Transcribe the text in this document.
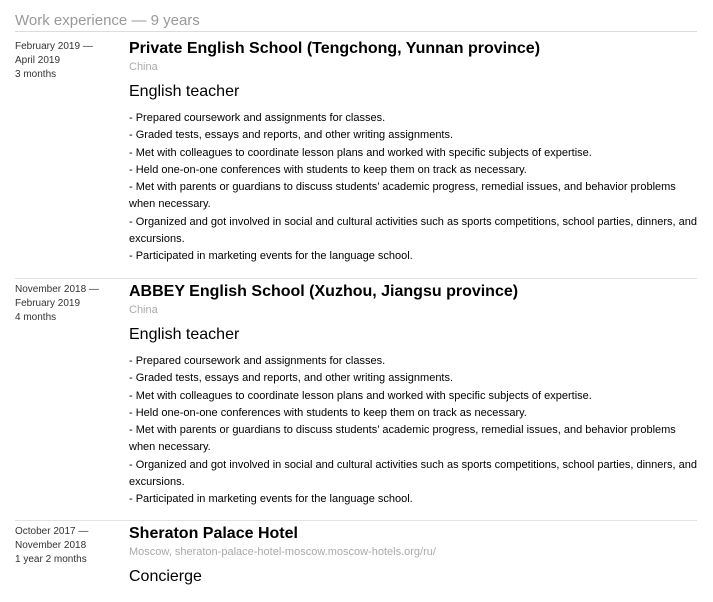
Work experience — 9 years
February 2019 —
April 2019
3 months
Private English School (Tengchong, Yunnan province)
China
English teacher
- Prepared coursework and assignments for classes.
- Graded tests, essays and reports, and other writing assignments.
- Met with colleagues to coordinate lesson plans and worked with specific subjects of expertise.
- Held one-on-one conferences with students to keep them on track as necessary.
- Met with parents or guardians to discuss students’ academic progress, remedial issues, and behavior problems when necessary.
- Organized and got involved in social and cultural activities such as sports competitions, school parties, dinners, and excursions.
- Participated in marketing events for the language school.
November 2018 —
February 2019
4 months
ABBEY English School (Xuzhou, Jiangsu province)
China
English teacher
- Prepared coursework and assignments for classes.
- Graded tests, essays and reports, and other writing assignments.
- Met with colleagues to coordinate lesson plans and worked with specific subjects of expertise.
- Held one-on-one conferences with students to keep them on track as necessary.
- Met with parents or guardians to discuss students’ academic progress, remedial issues, and behavior problems when necessary.
- Organized and got involved in social and cultural activities such as sports competitions, school parties, dinners, and excursions.
- Participated in marketing events for the language school.
October 2017 —
November 2018
1 year 2 months
Sheraton Palace Hotel
Moscow, sheraton-palace-hotel-moscow.moscow-hotels.org/ru/
Concierge
